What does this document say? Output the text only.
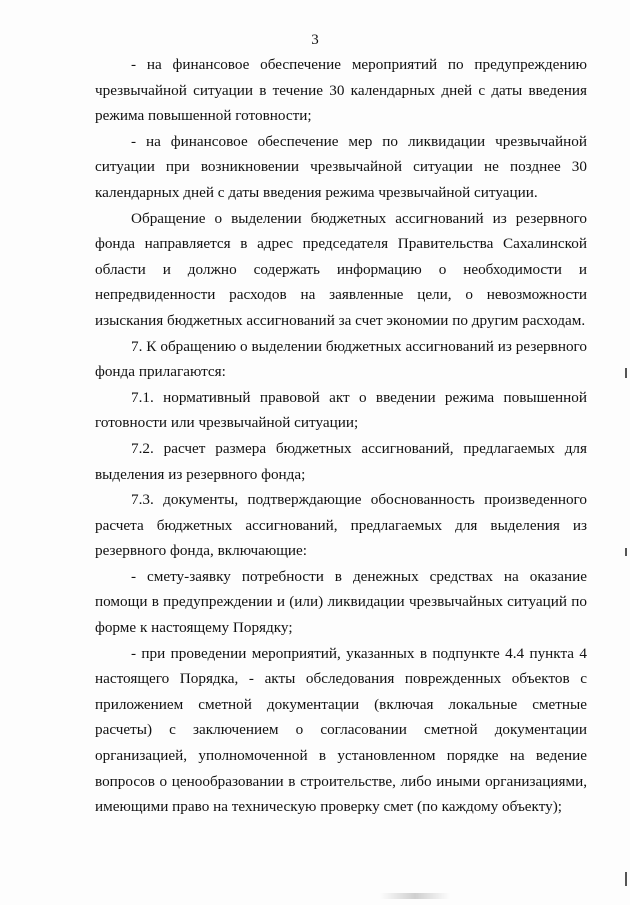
3

- на финансовое обеспечение мероприятий по предупреждению чрезвычайной ситуации в течение 30 календарных дней с даты введения режима повышенной готовности;

- на финансовое обеспечение мер по ликвидации чрезвычайной ситуации при возникновении чрезвычайной ситуации не позднее 30 календарных дней с даты введения режима чрезвычайной ситуации.

Обращение о выделении бюджетных ассигнований из резервного фонда направляется в адрес председателя Правительства Сахалинской области и должно содержать информацию о необходимости и непредвиденности расходов на заявленные цели, о невозможности изыскания бюджетных ассигнований за счет экономии по другим расходам.

7. К обращению о выделении бюджетных ассигнований из резервного фонда прилагаются:

7.1. нормативный правовой акт о введении режима повышенной готовности или чрезвычайной ситуации;

7.2. расчет размера бюджетных ассигнований, предлагаемых для выделения из резервного фонда;

7.3. документы, подтверждающие обоснованность произведенного расчета бюджетных ассигнований, предлагаемых для выделения из резервного фонда, включающие:

- смету-заявку потребности в денежных средствах на оказание помощи в предупреждении и (или) ликвидации чрезвычайных ситуаций по форме к настоящему Порядку;

- при проведении мероприятий, указанных в подпункте 4.4 пункта 4 настоящего Порядка, - акты обследования поврежденных объектов с приложением сметной документации (включая локальные сметные расчеты) с заключением о согласовании сметной документации организацией, уполномоченной в установленном порядке на ведение вопросов о ценообразовании в строительстве, либо иными организациями, имеющими право на техническую проверку смет (по каждому объекту);
